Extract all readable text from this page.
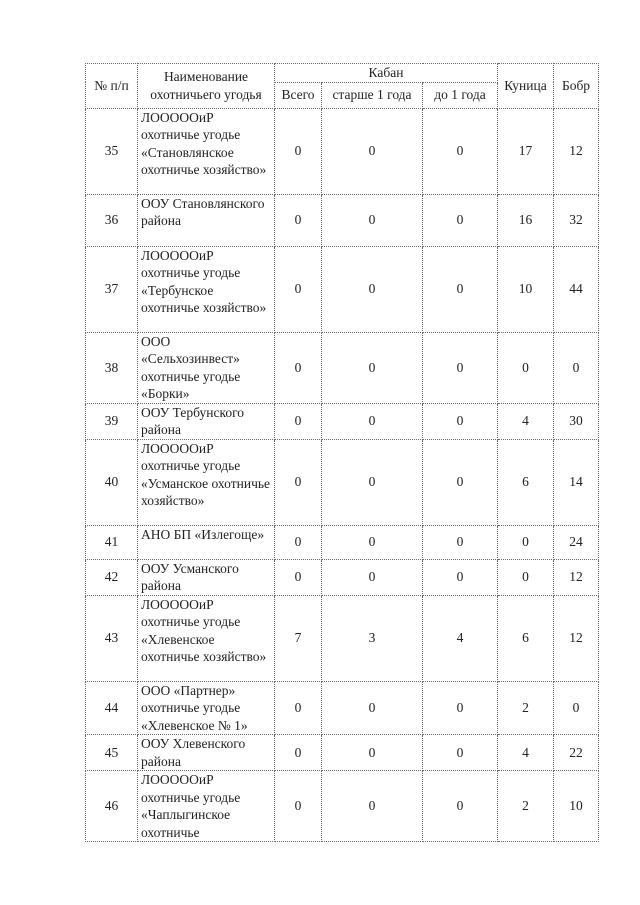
№ п/п	Наименование охотничьего угодья	Кабан			Куница	Бобр
		Всего	старше 1 года	до 1 года		
35	ЛОООООиР охотничье угодье «Становлянское охотничье хозяйство»	0	0	0	17	12
36	ООУ Становлянского района	0	0	0	16	32
37	ЛОООООиР охотничье угодье «Тербунское охотничье хозяйство»	0	0	0	10	44
38	ООО «Сельхозинвест» охотничье угодье «Борки»	0	0	0	0	0
39	ООУ Тербунского района	0	0	0	4	30
40	ЛОООООиР охотничье угодье «Усманское охотничье хозяйство»	0	0	0	6	14
41	АНО БП «Излегоще»	0	0	0	0	24
42	ООУ Усманского района	0	0	0	0	12
43	ЛОООООиР охотничье угодье «Хлевенское охотничье хозяйство»	7	3	4	6	12
44	ООО «Партнер» охотничье угодье «Хлевенское № 1»	0	0	0	2	0
45	ООУ Хлевенского района	0	0	0	4	22
46	ЛОООООиР охотничье угодье «Чаплыгинское охотничье	0	0	0	2	10
